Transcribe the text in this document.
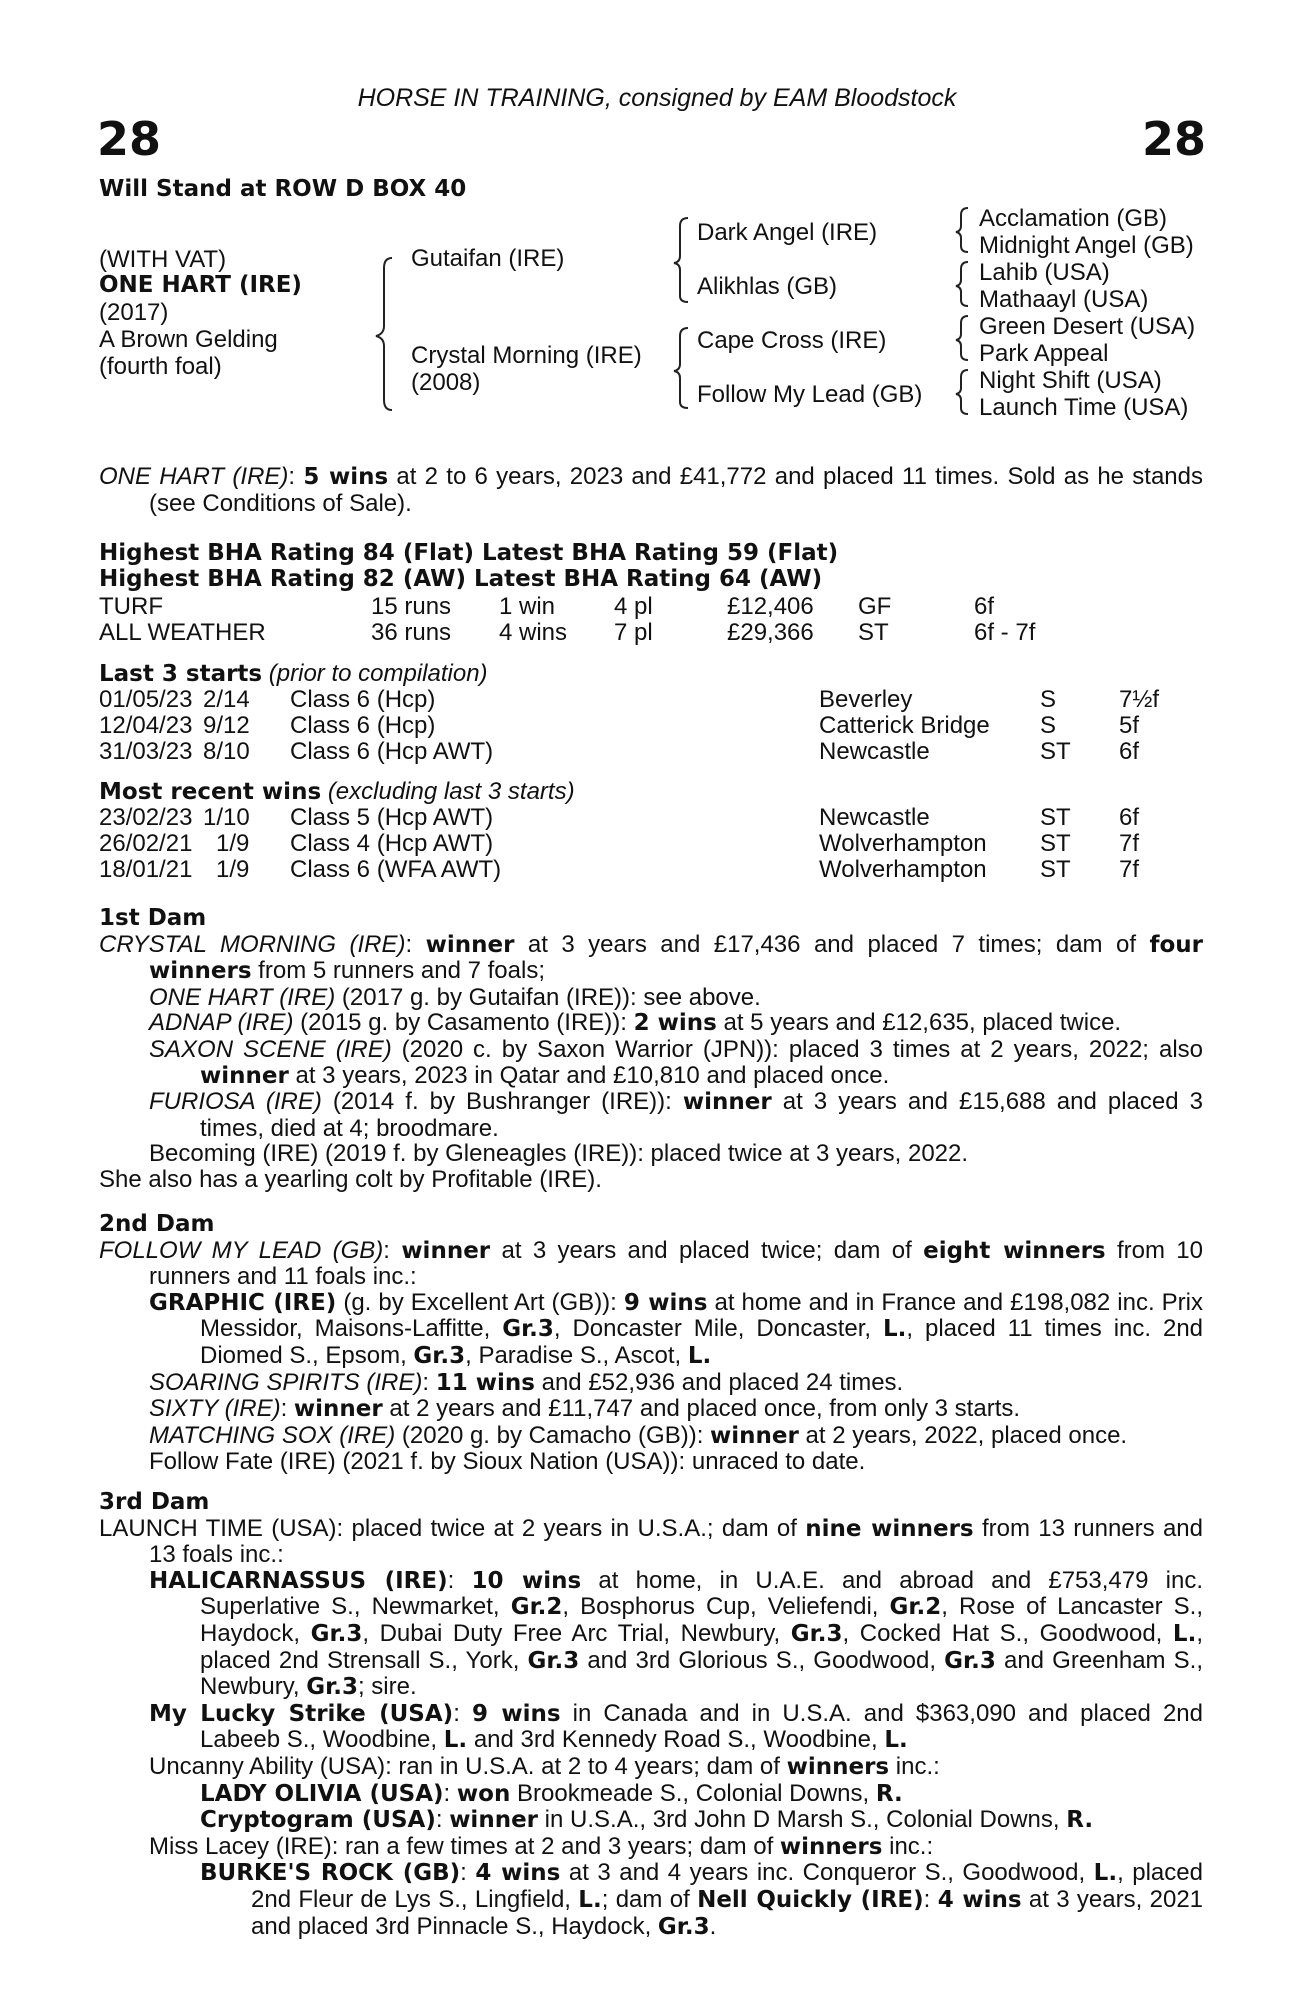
HORSE IN TRAINING, consigned by EAM Bloodstock
28	28
Will Stand at ROW D BOX 40
(WITH VAT)
ONE HART (IRE)
(2017)
A Brown Gelding
(fourth foal)
Gutaifan (IRE)
Crystal Morning (IRE)
(2008)
Dark Angel (IRE)
Alikhlas (GB)
Cape Cross (IRE)
Follow My Lead (GB)
Acclamation (GB)
Midnight Angel (GB)
Lahib (USA)
Mathaayl (USA)
Green Desert (USA)
Park Appeal
Night Shift (USA)
Launch Time (USA)

ONE HART (IRE): 5 wins at 2 to 6 years, 2023 and £41,772 and placed 11 times. Sold as he stands (see Conditions of Sale).

Highest BHA Rating 84 (Flat) Latest BHA Rating 59 (Flat)
Highest BHA Rating 82 (AW) Latest BHA Rating 64 (AW)
TURF	15 runs 1 win 4 pl	£12,406 GF	6f
ALL WEATHER	36 runs 4 wins 7 pl	£29,366 ST	6f - 7f
Last 3 starts (prior to compilation)
01/05/23 2/14 Class 6 (Hcp)	Beverley	S	7½f
12/04/23 9/12 Class 6 (Hcp)	Catterick Bridge S	5f
31/03/23 8/10 Class 6 (Hcp AWT)	Newcastle	ST 6f
Most recent wins (excluding last 3 starts)
23/02/23 1/10 Class 5 (Hcp AWT)	Newcastle	ST 6f
26/02/21 1/9 Class 4 (Hcp AWT)	Wolverhampton ST 7f
18/01/21 1/9 Class 6 (WFA AWT)	Wolverhampton ST 7f

1st Dam

CRYSTAL MORNING (IRE): winner at 3 years and £17,436 and placed 7 times; dam of four winners from 5 runners and 7 foals;

ONE HART (IRE) (2017 g. by Gutaifan (IRE)): see above.

ADNAP (IRE) (2015 g. by Casamento (IRE)): 2 wins at 5 years and £12,635, placed twice.

SAXON SCENE (IRE) (2020 c. by Saxon Warrior (JPN)): placed 3 times at 2 years, 2022; also winner at 3 years, 2023 in Qatar and £10,810 and placed once.

FURIOSA (IRE) (2014 f. by Bushranger (IRE)): winner at 3 years and £15,688 and placed 3 times, died at 4; broodmare.

Becoming (IRE) (2019 f. by Gleneagles (IRE)): placed twice at 3 years, 2022.

She also has a yearling colt by Profitable (IRE).

2nd Dam

FOLLOW MY LEAD (GB): winner at 3 years and placed twice; dam of eight winners from 10 runners and 11 foals inc.:

GRAPHIC (IRE) (g. by Excellent Art (GB)): 9 wins at home and in France and £198,082 inc. Prix Messidor, Maisons-Laffitte, Gr.3, Doncaster Mile, Doncaster, L., placed 11 times inc. 2nd Diomed S., Epsom, Gr.3, Paradise S., Ascot, L.

SOARING SPIRITS (IRE): 11 wins and £52,936 and placed 24 times.

SIXTY (IRE): winner at 2 years and £11,747 and placed once, from only 3 starts.

MATCHING SOX (IRE) (2020 g. by Camacho (GB)): winner at 2 years, 2022, placed once.

Follow Fate (IRE) (2021 f. by Sioux Nation (USA)): unraced to date.

3rd Dam

LAUNCH TIME (USA): placed twice at 2 years in U.S.A.; dam of nine winners from 13 runners and 13 foals inc.:

HALICARNASSUS (IRE): 10 wins at home, in U.A.E. and abroad and £753,479 inc. Superlative S., Newmarket, Gr.2, Bosphorus Cup, Veliefendi, Gr.2, Rose of Lancaster S., Haydock, Gr.3, Dubai Duty Free Arc Trial, Newbury, Gr.3, Cocked Hat S., Goodwood, L., placed 2nd Strensall S., York, Gr.3 and 3rd Glorious S., Goodwood, Gr.3 and Greenham S., Newbury, Gr.3; sire.

My Lucky Strike (USA): 9 wins in Canada and in U.S.A. and $363,090 and placed 2nd Labeeb S., Woodbine, L. and 3rd Kennedy Road S., Woodbine, L.

Uncanny Ability (USA): ran in U.S.A. at 2 to 4 years; dam of winners inc.:

LADY OLIVIA (USA): won Brookmeade S., Colonial Downs, R.

Cryptogram (USA): winner in U.S.A., 3rd John D Marsh S., Colonial Downs, R.

Miss Lacey (IRE): ran a few times at 2 and 3 years; dam of winners inc.:

BURKE'S ROCK (GB): 4 wins at 3 and 4 years inc. Conqueror S., Goodwood, L., placed 2nd Fleur de Lys S., Lingfield, L.; dam of Nell Quickly (IRE): 4 wins at 3 years, 2021 and placed 3rd Pinnacle S., Haydock, Gr.3.
